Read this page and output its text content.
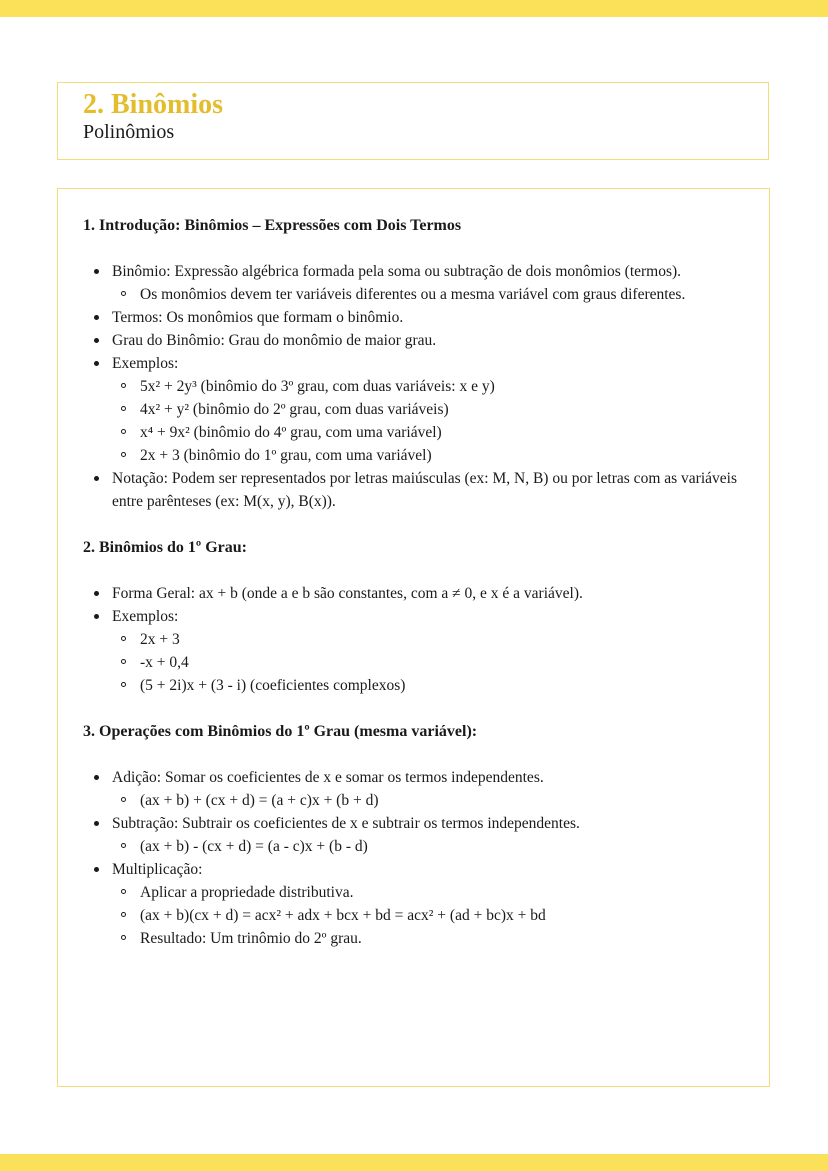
2. Binômios
Polinômios
1. Introdução: Binômios – Expressões com Dois Termos
Binômio: Expressão algébrica formada pela soma ou subtração de dois monômios (termos).
Os monômios devem ter variáveis diferentes ou a mesma variável com graus diferentes.
Termos: Os monômios que formam o binômio.
Grau do Binômio: Grau do monômio de maior grau.
Exemplos:
5x² + 2y³ (binômio do 3º grau, com duas variáveis: x e y)
4x² + y² (binômio do 2º grau, com duas variáveis)
x⁴ + 9x² (binômio do 4º grau, com uma variável)
2x + 3 (binômio do 1º grau, com uma variável)
Notação: Podem ser representados por letras maiúsculas (ex: M, N, B) ou por letras com as variáveis entre parênteses (ex: M(x, y), B(x)).
2. Binômios do 1º Grau:
Forma Geral: ax + b (onde a e b são constantes, com a ≠ 0, e x é a variável).
Exemplos:
2x + 3
-x + 0,4
(5 + 2i)x + (3 - i) (coeficientes complexos)
3. Operações com Binômios do 1º Grau (mesma variável):
Adição: Somar os coeficientes de x e somar os termos independentes.
(ax + b) + (cx + d) = (a + c)x + (b + d)
Subtração: Subtrair os coeficientes de x e subtrair os termos independentes.
(ax + b) - (cx + d) = (a - c)x + (b - d)
Multiplicação:
Aplicar a propriedade distributiva.
(ax + b)(cx + d) = acx² + adx + bcx + bd = acx² + (ad + bc)x + bd
Resultado: Um trinômio do 2º grau.
